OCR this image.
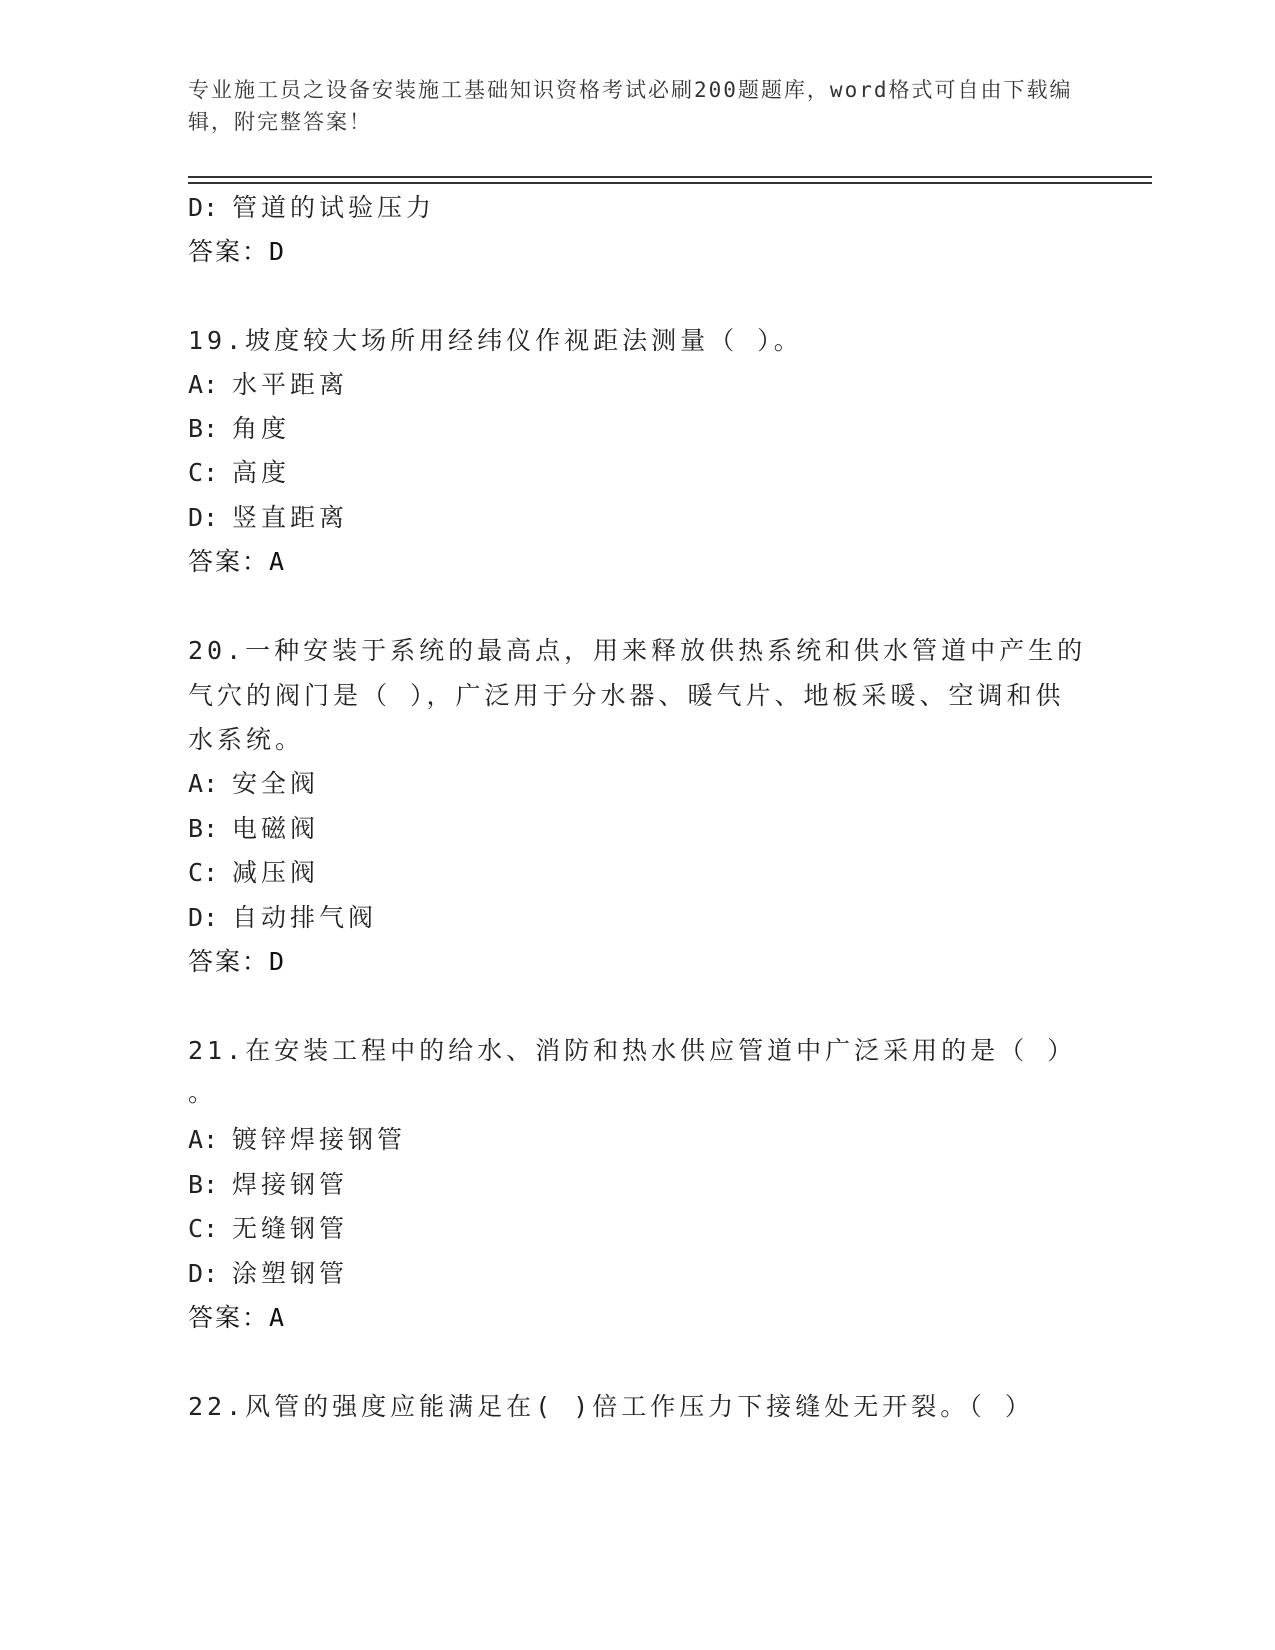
专业施工员之设备安装施工基础知识资格考试必刷200题题库，word格式可自由下载编辑，附完整答案！
D: 管道的试验压力
答案：D
19.坡度较大场所用经纬仪作视距法测量（ ）。
A: 水平距离
B: 角度
C: 高度
D: 竖直距离
答案：A
20.一种安装于系统的最高点，用来释放供热系统和供水管道中产生的
气穴的阀门是（ ），广泛用于分水器、暖气片、地板采暖、空调和供
水系统。
A: 安全阀
B: 电磁阀
C: 减压阀
D: 自动排气阀
答案：D
21.在安装工程中的给水、消防和热水供应管道中广泛采用的是（ ）
。
A: 镀锌焊接钢管
B: 焊接钢管
C: 无缝钢管
D: 涂塑钢管
答案：A
22.风管的强度应能满足在( )倍工作压力下接缝处无开裂。（ ）
